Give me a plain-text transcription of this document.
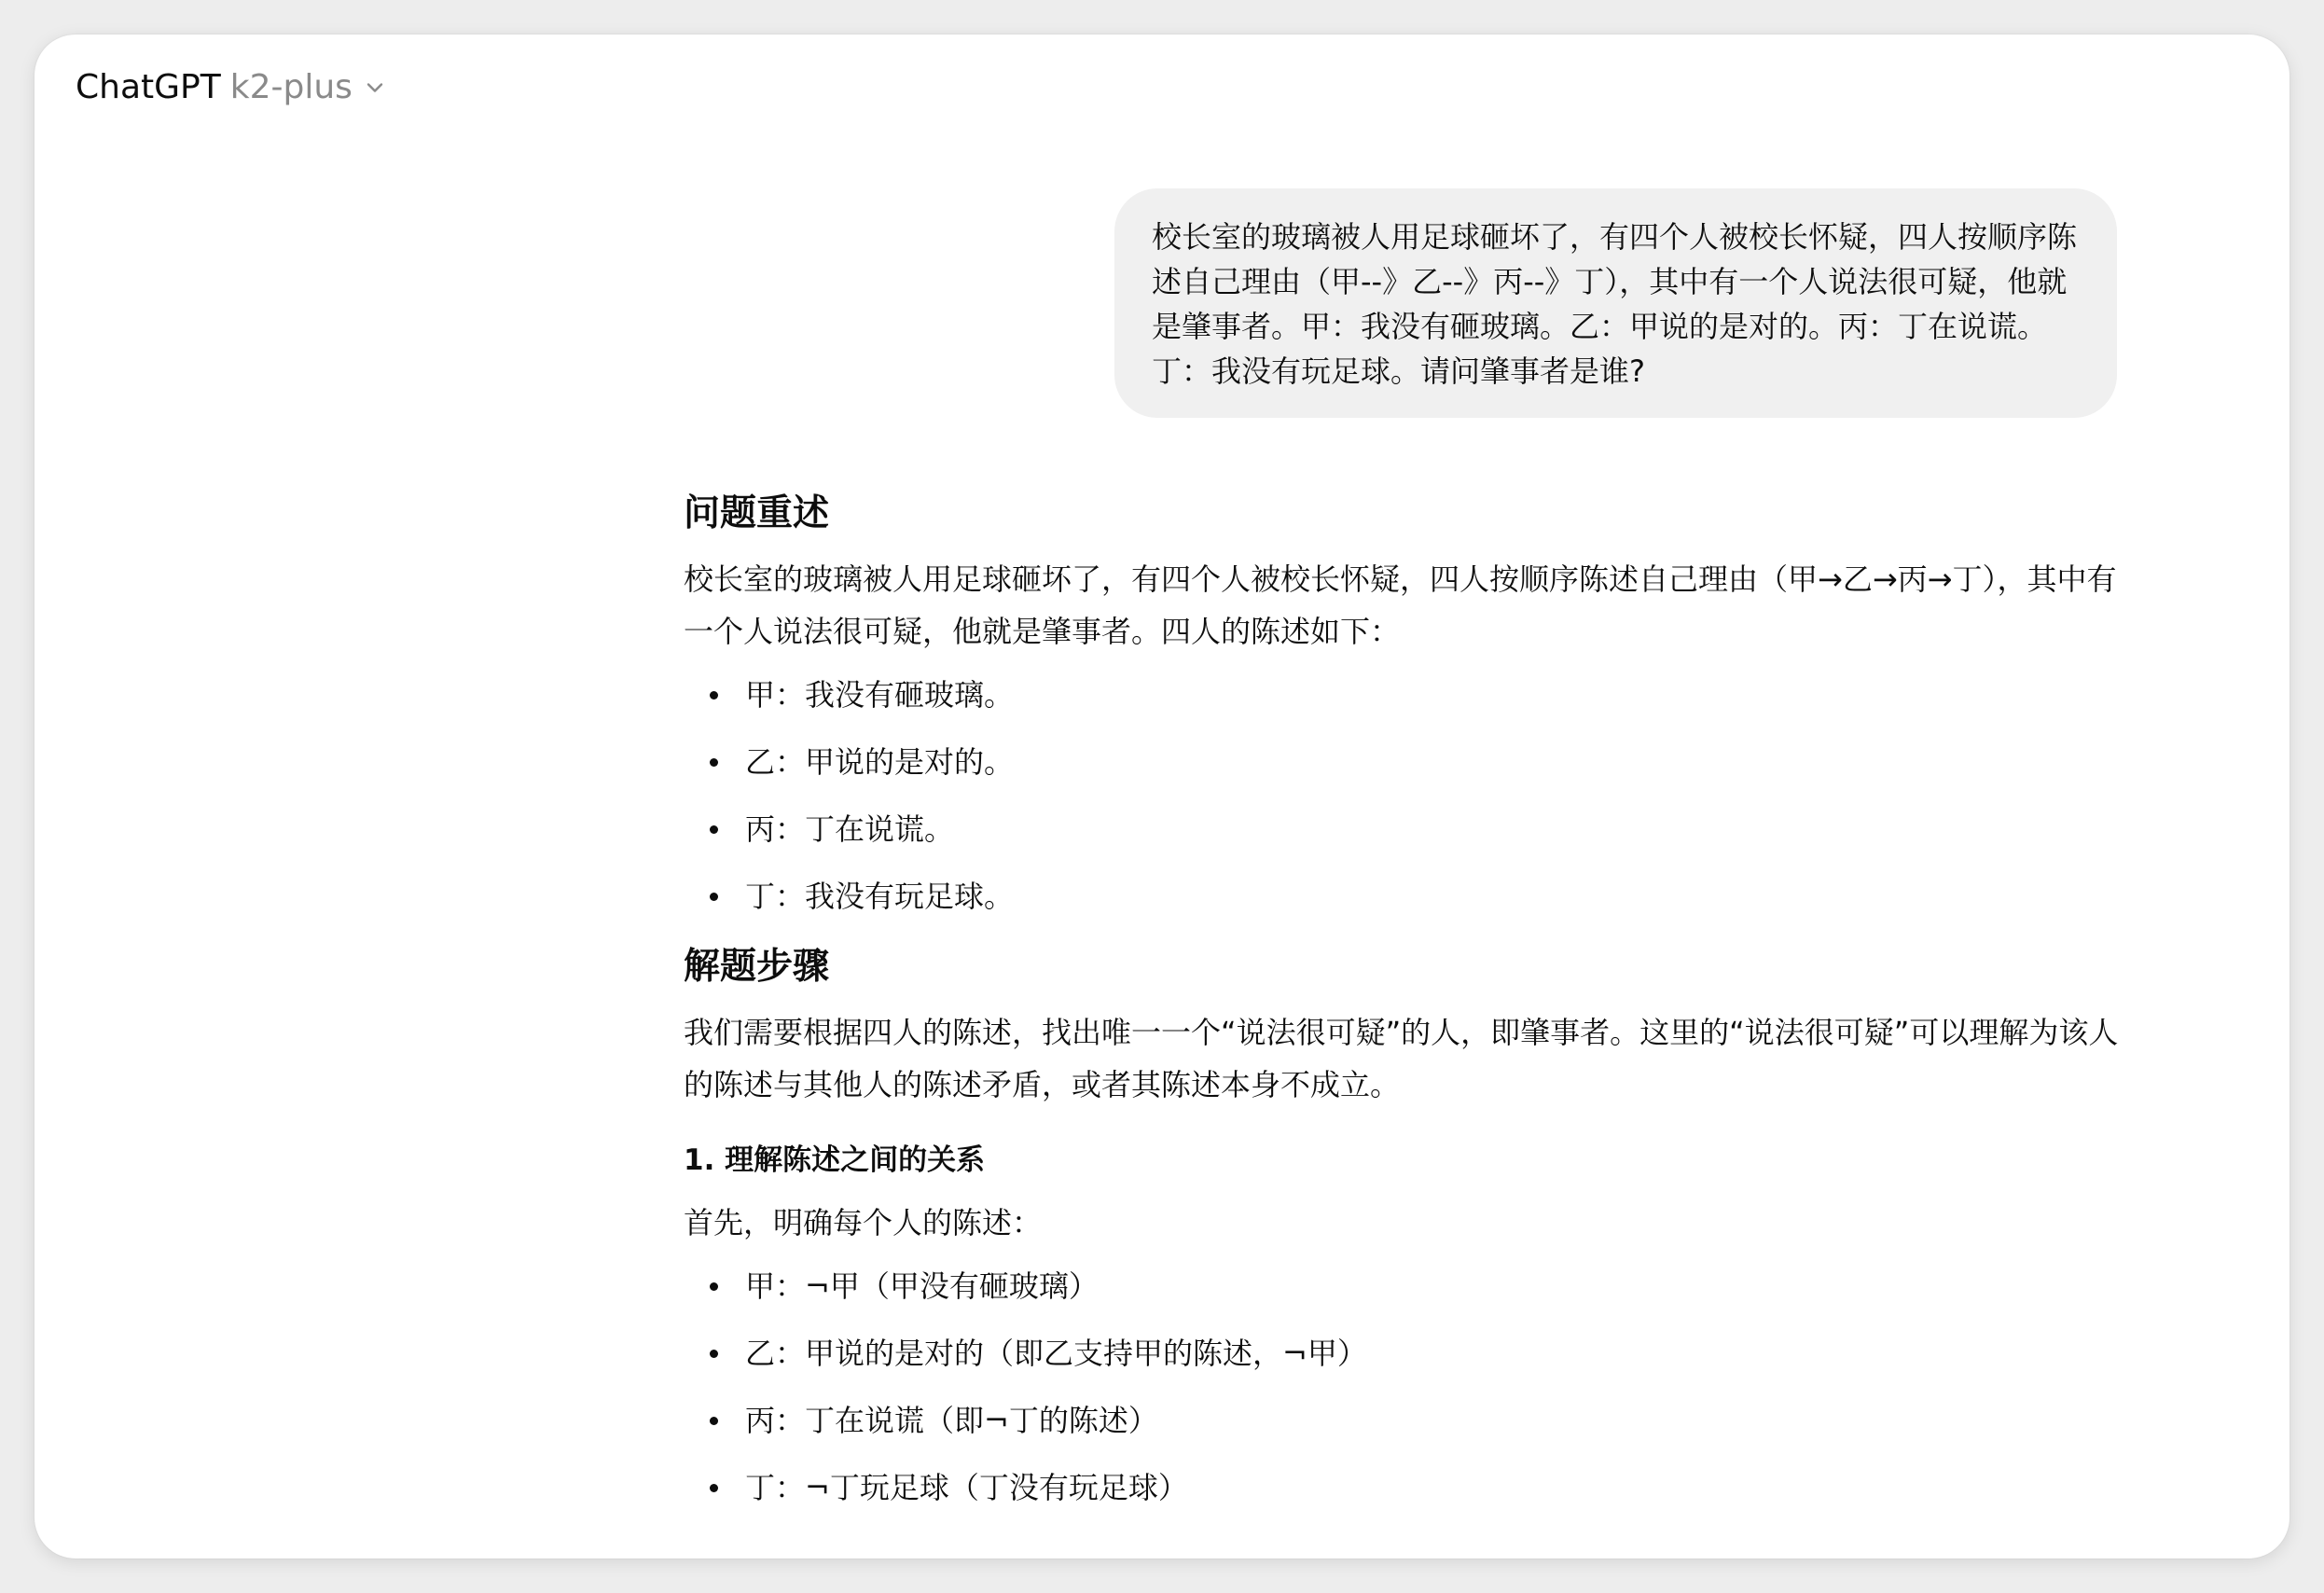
ChatGPT k2-plus
校长室的玻璃被人用足球砸坏了，有四个人被校长怀疑，四人按顺序陈述自己理由（甲--》乙--》丙--》丁），其中有一个人说法很可疑，他就是肇事者。甲：我没有砸玻璃。乙：甲说的是对的。丙：丁在说谎。丁：我没有玩足球。请问肇事者是谁?
问题重述

校长室的玻璃被人用足球砸坏了，有四个人被校长怀疑，四人按顺序陈述自己理由（甲→乙→丙→丁），其中有一个人说法很可疑，他就是肇事者。四人的陈述如下：

甲：我没有砸玻璃。
乙：甲说的是对的。
丙：丁在说谎。
丁：我没有玩足球。
解题步骤

我们需要根据四人的陈述，找出唯一一个“说法很可疑”的人，即肇事者。这里的“说法很可疑”可以理解为该人的陈述与其他人的陈述矛盾，或者其陈述本身不成立。

1. 理解陈述之间的关系

首先，明确每个人的陈述：

甲：¬甲（甲没有砸玻璃）
乙：甲说的是对的（即乙支持甲的陈述，¬甲）
丙：丁在说谎（即¬丁的陈述）
丁：¬丁玩足球（丁没有玩足球）
